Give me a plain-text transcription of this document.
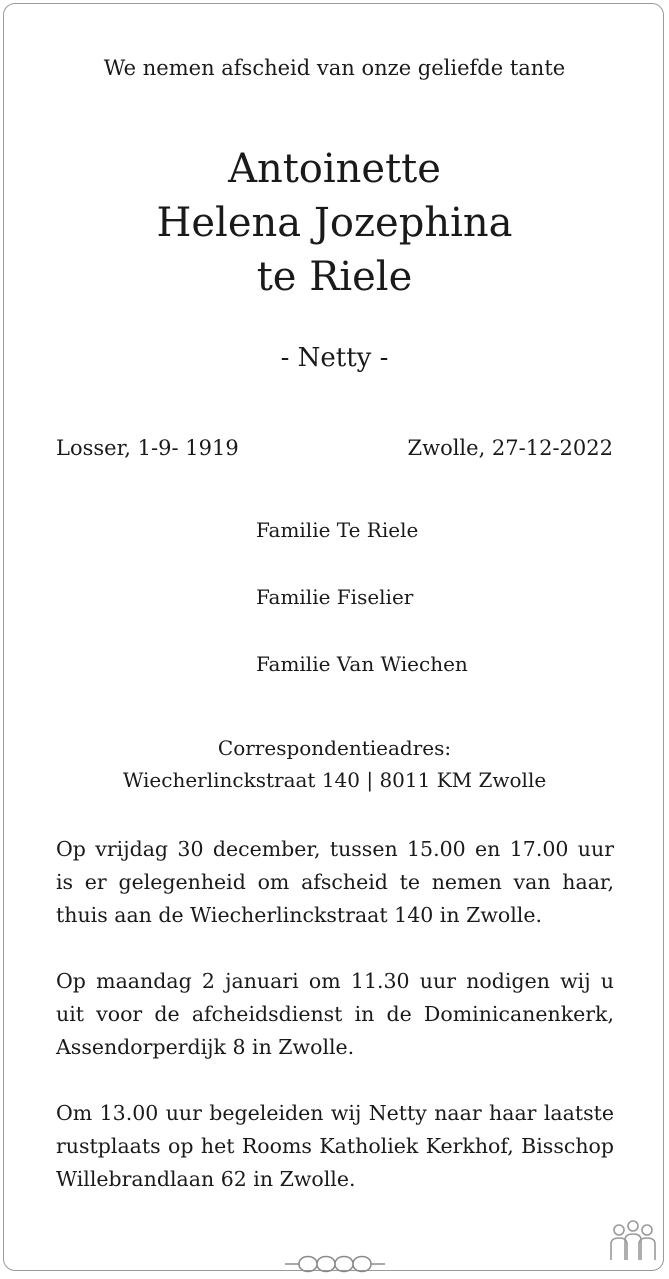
We nemen afscheid van onze geliefde tante
Antoinette
Helena Jozephina
te Riele
- Netty -
Losser, 1-9- 1919	Zwolle, 27-12-2022
Familie Te Riele
Familie Fiselier
Familie Van Wiechen
Correspondentieadres:
Wiecherlinckstraat 140 | 8011 KM Zwolle
Op vrijdag 30 december, tussen 15.00 en 17.00 uur is er gelegenheid om afscheid te nemen van haar, thuis aan de Wiecherlinckstraat 140 in Zwolle.
Op maandag 2 januari om 11.30 uur nodigen wij u uit voor de afcheidsdienst in de Dominicanenkerk, Assendorperdijk 8 in Zwolle.
Om 13.00 uur begeleiden wij Netty naar haar laatste rustplaats op het Rooms Katholiek Kerkhof, Bisschop Willebrandlaan 62 in Zwolle.
